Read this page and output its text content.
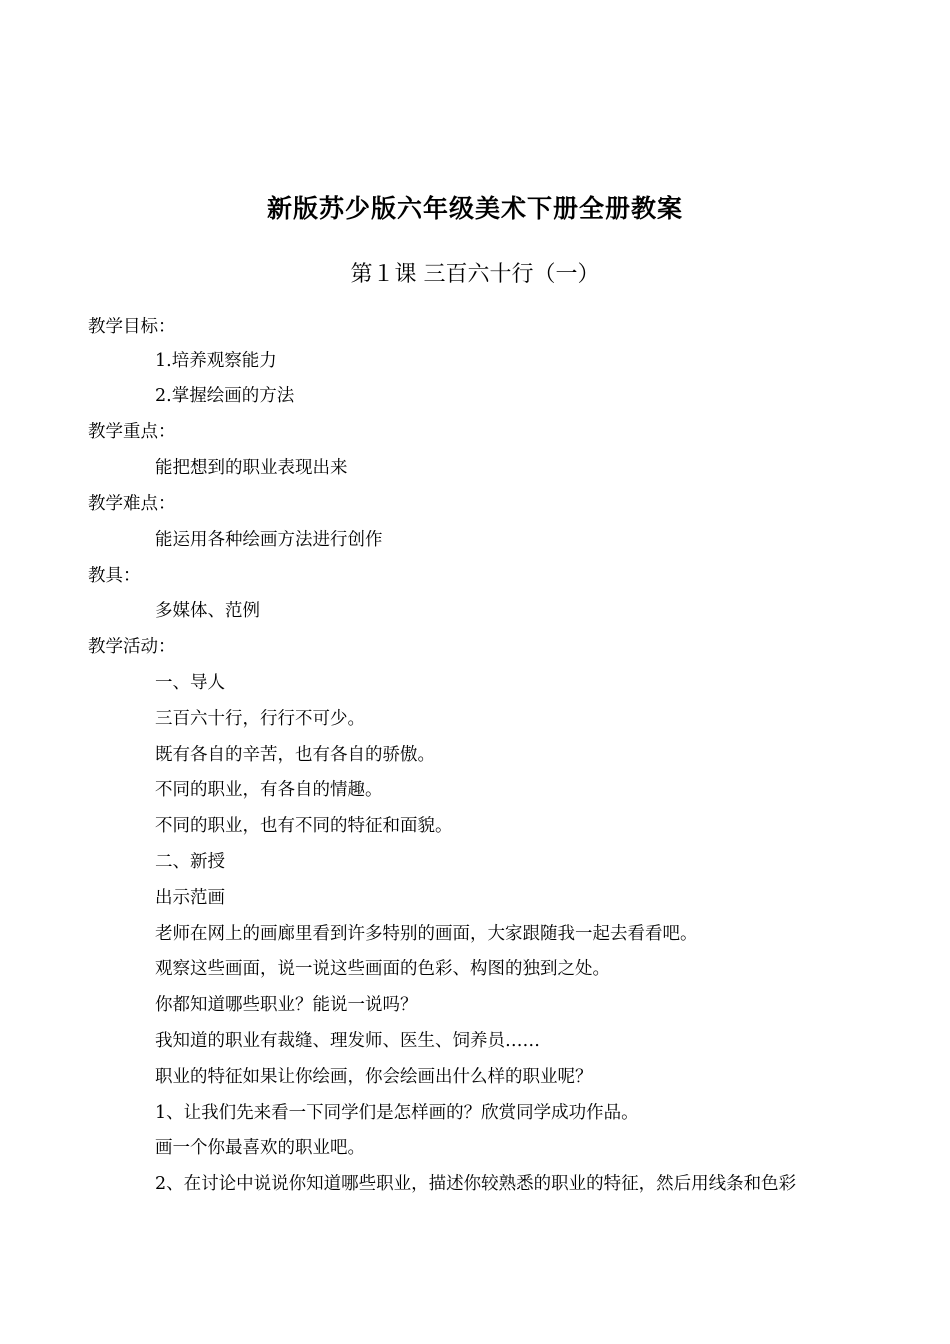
新版苏少版六年级美术下册全册教案
第１课 三百六十行（一）
教学目标：
1.培养观察能力
2.掌握绘画的方法
教学重点：
能把想到的职业表现出来
教学难点：
能运用各种绘画方法进行创作
教具：
多媒体、范例
教学活动：
一、导人
三百六十行，行行不可少。
既有各自的辛苦，也有各自的骄傲。
不同的职业，有各自的情趣。
不同的职业，也有不同的特征和面貌。
二、新授
出示范画
老师在网上的画廊里看到许多特别的画面，大家跟随我一起去看看吧。
观察这些画面，说一说这些画面的色彩、构图的独到之处。
你都知道哪些职业？能说一说吗？
我知道的职业有裁缝、理发师、医生、饲养员……
职业的特征如果让你绘画，你会绘画出什么样的职业呢？
1、让我们先来看一下同学们是怎样画的？欣赏同学成功作品。
画一个你最喜欢的职业吧。
2、在讨论中说说你知道哪些职业，描述你较熟悉的职业的特征，然后用线条和色彩
